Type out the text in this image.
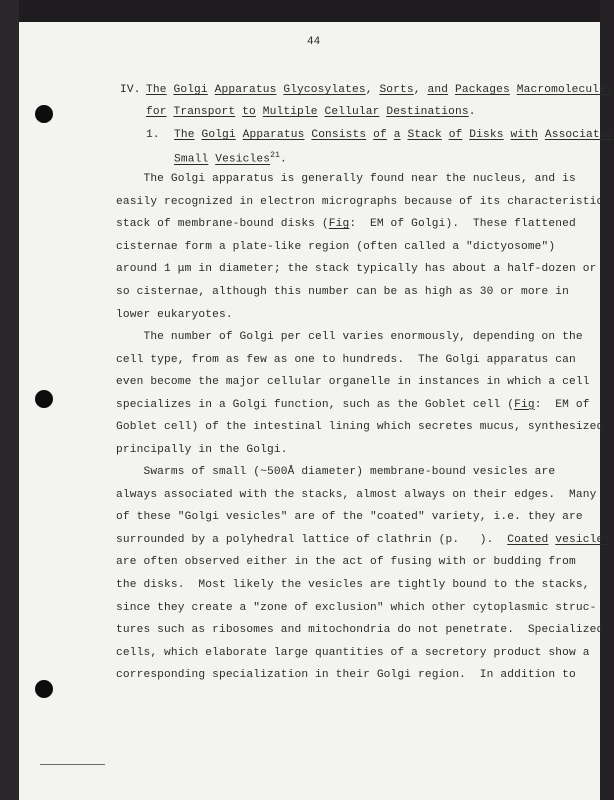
44
IV. The Golgi Apparatus Glycosylates, Sorts, and Packages Macromolecules
for Transport to Multiple Cellular Destinations.
1. The Golgi Apparatus Consists of a Stack of Disks with Associated
Small Vesicles$^{21}$.
The Golgi apparatus is generally found near the nucleus, and is
easily recognized in electron micrographs because of its characteristic
stack of membrane-bound disks (Fig:  EM of Golgi).  These flattened
cisternae form a plate-like region (often called a "dictyosome")
around 1 μm in diameter; the stack typically has about a half-dozen or
so cisternae, although this number can be as high as 30 or more in
lower eukaryotes.
The number of Golgi per cell varies enormously, depending on the
cell type, from as few as one to hundreds.  The Golgi apparatus can
even become the major cellular organelle in instances in which a cell
specializes in a Golgi function, such as the Goblet cell (Fig:  EM of
Goblet cell) of the intestinal lining which secretes mucus, synthesized
principally in the Golgi.
Swarms of small (~500Å diameter) membrane-bound vesicles are
always associated with the stacks, almost always on their edges.  Many
of these "Golgi vesicles" are of the "coated" variety, i.e. they are
surrounded by a polyhedral lattice of clathrin (p.   ).  Coated vesicles
are often observed either in the act of fusing with or budding from
the disks.  Most likely the vesicles are tightly bound to the stacks,
since they create a "zone of exclusion" which other cytoplasmic struc-
tures such as ribosomes and mitochondria do not penetrate.  Specialized
cells, which elaborate large quantities of a secretory product show a
corresponding specialization in their Golgi region.  In addition to
